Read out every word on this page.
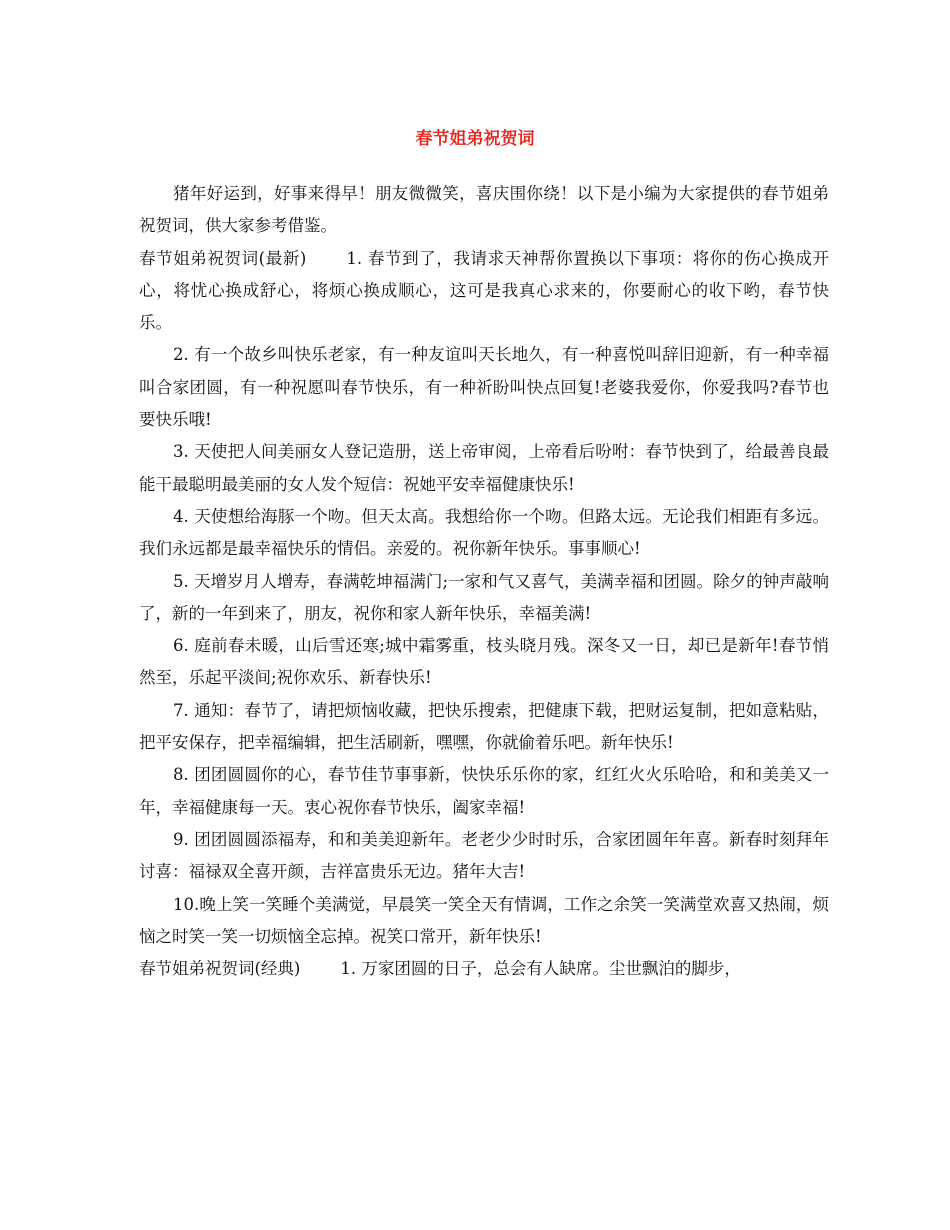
春节姐弟祝贺词

猪年好运到，好事来得早！朋友微微笑，喜庆围你绕！以下是小编为大家提供的春节姐弟祝贺词，供大家参考借鉴。

春节姐弟祝贺词(最新) 1. 春节到了，我请求天神帮你置换以下事项：将你的伤心换成开心，将忧心换成舒心，将烦心换成顺心，这可是我真心求来的，你要耐心的收下哟，春节快乐。

2. 有一个故乡叫快乐老家，有一种友谊叫天长地久，有一种喜悦叫辞旧迎新，有一种幸福叫合家团圆，有一种祝愿叫春节快乐，有一种祈盼叫快点回复!老婆我爱你，你爱我吗?春节也要快乐哦!

3. 天使把人间美丽女人登记造册，送上帝审阅，上帝看后吩咐：春节快到了，给最善良最能干最聪明最美丽的女人发个短信：祝她平安幸福健康快乐!

4. 天使想给海豚一个吻。但天太高。我想给你一个吻。但路太远。无论我们相距有多远。我们永远都是最幸福快乐的情侣。亲爱的。祝你新年快乐。事事顺心!

5. 天增岁月人增寿，春满乾坤福满门;一家和气又喜气，美满幸福和团圆。除夕的钟声敲响了，新的一年到来了，朋友，祝你和家人新年快乐，幸福美满!

6. 庭前春未暖，山后雪还寒;城中霜雾重，枝头晓月残。深冬又一日，却已是新年!春节悄然至，乐起平淡间;祝你欢乐、新春快乐!

7. 通知：春节了，请把烦恼收藏，把快乐搜索，把健康下载，把财运复制，把如意粘贴，把平安保存，把幸福编辑，把生活刷新，嘿嘿，你就偷着乐吧。新年快乐!

8. 团团圆圆你的心，春节佳节事事新，快快乐乐你的家，红红火火乐哈哈，和和美美又一年，幸福健康每一天。衷心祝你春节快乐，阖家幸福!

9. 团团圆圆添福寿，和和美美迎新年。老老少少时时乐，合家团圆年年喜。新春时刻拜年讨喜：福禄双全喜开颜，吉祥富贵乐无边。猪年大吉!

10.晚上笑一笑睡个美满觉，早晨笑一笑全天有情调，工作之余笑一笑满堂欢喜又热闹，烦恼之时笑一笑一切烦恼全忘掉。祝笑口常开，新年快乐!

春节姐弟祝贺词(经典) 1. 万家团圆的日子，总会有人缺席。尘世飘泊的脚步，
